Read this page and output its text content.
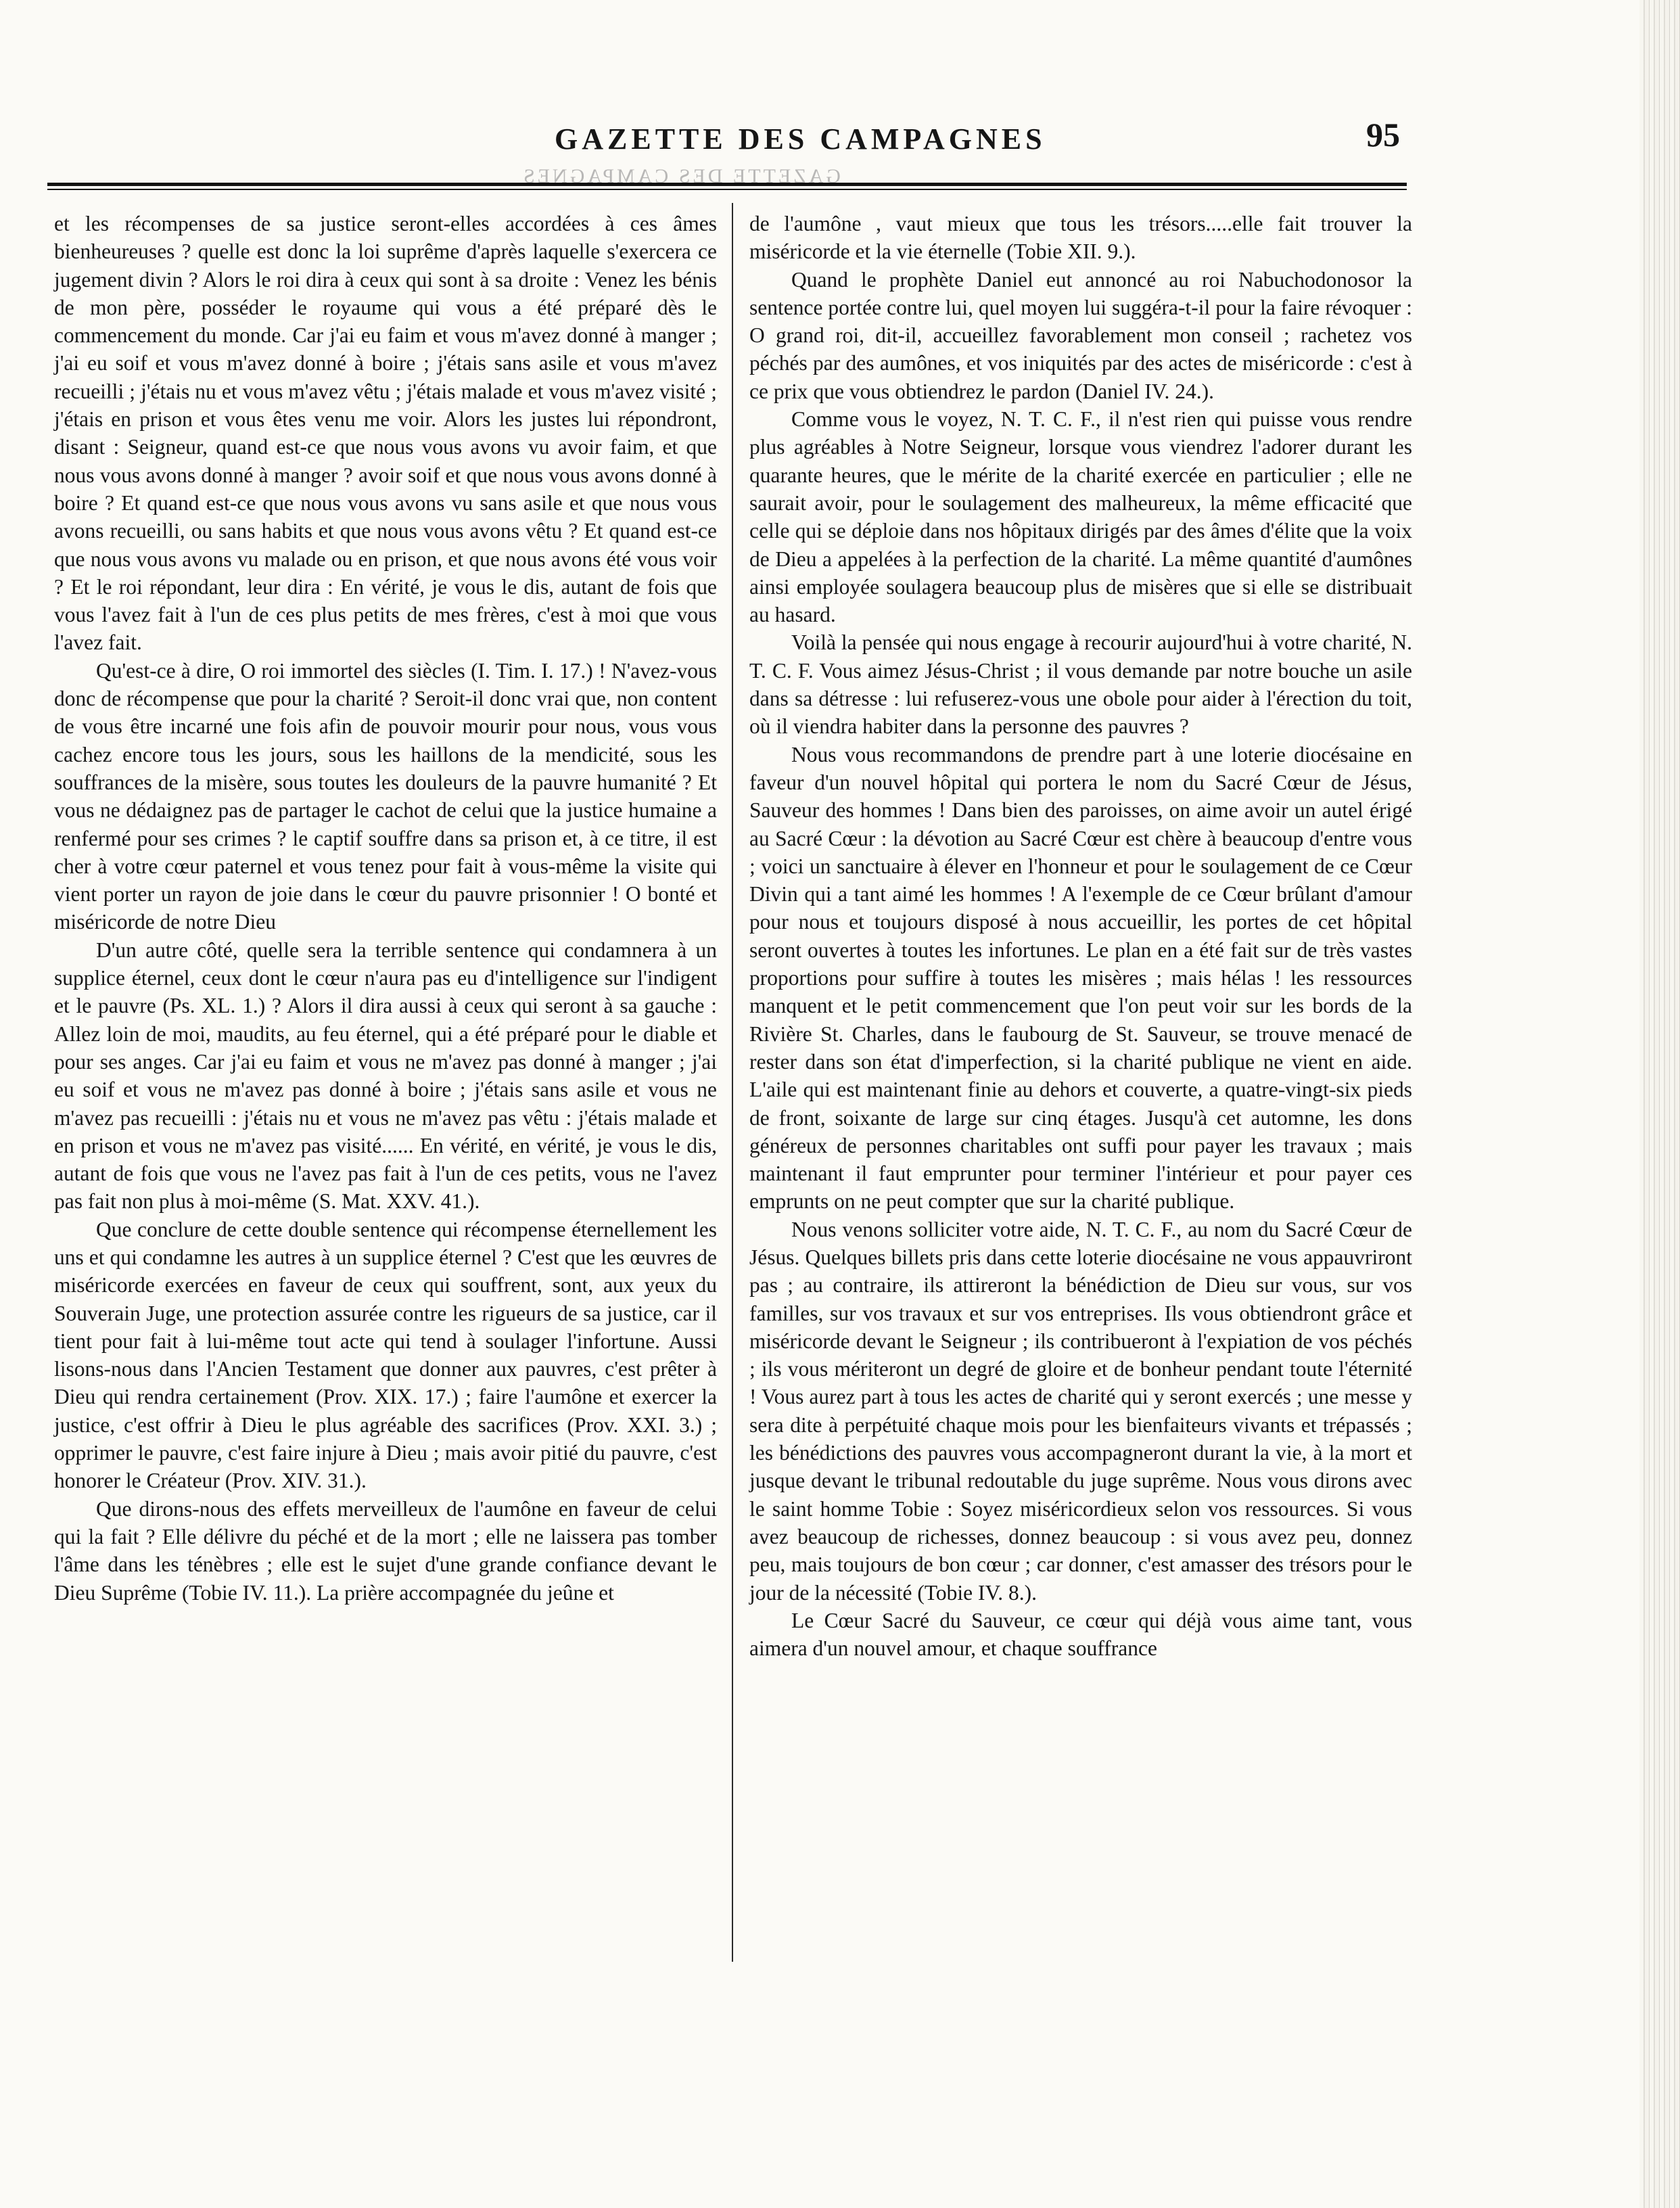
GAZETTE DES CAMPAGNES	95
GAZETTE DES CAMPAGNES

et les récompenses de sa justice seront-elles accordées à ces âmes bienheureuses ? quelle est donc la loi suprême d'après laquelle s'exercera ce jugement divin ? Alors le roi dira à ceux qui sont à sa droite : Venez les bénis de mon père, posséder le royaume qui vous a été préparé dès le commencement du monde. Car j'ai eu faim et vous m'avez donné à manger ; j'ai eu soif et vous m'avez donné à boire ; j'étais sans asile et vous m'avez recueilli ; j'étais nu et vous m'avez vêtu ; j'étais malade et vous m'avez visité ; j'étais en prison et vous êtes venu me voir. Alors les justes lui répondront, disant : Seigneur, quand est-ce que nous vous avons vu avoir faim, et que nous vous avons donné à manger ? avoir soif et que nous vous avons donné à boire ? Et quand est-ce que nous vous avons vu sans asile et que nous vous avons recueilli, ou sans habits et que nous vous avons vêtu ? Et quand est-ce que nous vous avons vu malade ou en prison, et que nous avons été vous voir ? Et le roi répondant, leur dira : En vérité, je vous le dis, autant de fois que vous l'avez fait à l'un de ces plus petits de mes frères, c'est à moi que vous l'avez fait.

Qu'est-ce à dire, O roi immortel des siècles (I. Tim. I. 17.) ! N'avez-vous donc de récompense que pour la charité ? Seroit-il donc vrai que, non content de vous être incarné une fois afin de pouvoir mourir pour nous, vous vous cachez encore tous les jours, sous les haillons de la mendicité, sous les souffrances de la misère, sous toutes les douleurs de la pauvre humanité ? Et vous ne dédaignez pas de partager le cachot de celui que la justice humaine a renfermé pour ses crimes ? le captif souffre dans sa prison et, à ce titre, il est cher à votre cœur paternel et vous tenez pour fait à vous-même la visite qui vient porter un rayon de joie dans le cœur du pauvre prisonnier ! O bonté et miséricorde de notre Dieu

D'un autre côté, quelle sera la terrible sentence qui condamnera à un supplice éternel, ceux dont le cœur n'aura pas eu d'intelligence sur l'indigent et le pauvre (Ps. XL. 1.) ? Alors il dira aussi à ceux qui seront à sa gauche : Allez loin de moi, maudits, au feu éternel, qui a été préparé pour le diable et pour ses anges. Car j'ai eu faim et vous ne m'avez pas donné à manger ; j'ai eu soif et vous ne m'avez pas donné à boire ; j'étais sans asile et vous ne m'avez pas recueilli : j'étais nu et vous ne m'avez pas vêtu : j'étais malade et en prison et vous ne m'avez pas visité...... En vérité, en vérité, je vous le dis, autant de fois que vous ne l'avez pas fait à l'un de ces petits, vous ne l'avez pas fait non plus à moi-même (S. Mat. XXV. 41.).

Que conclure de cette double sentence qui récompense éternellement les uns et qui condamne les autres à un supplice éternel ? C'est que les œuvres de miséricorde exercées en faveur de ceux qui souffrent, sont, aux yeux du Souverain Juge, une protection assurée contre les rigueurs de sa justice, car il tient pour fait à lui-même tout acte qui tend à soulager l'infortune. Aussi lisons-nous dans l'Ancien Testament que donner aux pauvres, c'est prêter à Dieu qui rendra certainement (Prov. XIX. 17.) ; faire l'aumône et exercer la justice, c'est offrir à Dieu le plus agréable des sacrifices (Prov. XXI. 3.) ; opprimer le pauvre, c'est faire injure à Dieu ; mais avoir pitié du pauvre, c'est honorer le Créateur (Prov. XIV. 31.).

Que dirons-nous des effets merveilleux de l'aumône en faveur de celui qui la fait ? Elle délivre du péché et de la mort ; elle ne laissera pas tomber l'âme dans les ténèbres ; elle est le sujet d'une grande confiance devant le Dieu Suprême (Tobie IV. 11.). La prière accompagnée du jeûne et

de l'aumône , vaut mieux que tous les trésors.....elle fait trouver la miséricorde et la vie éternelle (Tobie XII. 9.).

Quand le prophète Daniel eut annoncé au roi Nabuchodonosor la sentence portée contre lui, quel moyen lui suggéra-t-il pour la faire révoquer : O grand roi, dit-il, accueillez favorablement mon conseil ; rachetez vos péchés par des aumônes, et vos iniquités par des actes de miséricorde : c'est à ce prix que vous obtiendrez le pardon (Daniel IV. 24.).

Comme vous le voyez, N. T. C. F., il n'est rien qui puisse vous rendre plus agréables à Notre Seigneur, lorsque vous viendrez l'adorer durant les quarante heures, que le mérite de la charité exercée en particulier ; elle ne saurait avoir, pour le soulagement des malheureux, la même efficacité que celle qui se déploie dans nos hôpitaux dirigés par des âmes d'élite que la voix de Dieu a appelées à la perfection de la charité. La même quantité d'aumônes ainsi employée soulagera beaucoup plus de misères que si elle se distribuait au hasard.

Voilà la pensée qui nous engage à recourir aujourd'hui à votre charité, N. T. C. F. Vous aimez Jésus-Christ ; il vous demande par notre bouche un asile dans sa détresse : lui refuserez-vous une obole pour aider à l'érection du toit, où il viendra habiter dans la personne des pauvres ?

Nous vous recommandons de prendre part à une loterie diocésaine en faveur d'un nouvel hôpital qui portera le nom du Sacré Cœur de Jésus, Sauveur des hommes ! Dans bien des paroisses, on aime avoir un autel érigé au Sacré Cœur : la dévotion au Sacré Cœur est chère à beaucoup d'entre vous ; voici un sanctuaire à élever en l'honneur et pour le soulagement de ce Cœur Divin qui a tant aimé les hommes ! A l'exemple de ce Cœur brûlant d'amour pour nous et toujours disposé à nous accueillir, les portes de cet hôpital seront ouvertes à toutes les infortunes. Le plan en a été fait sur de très vastes proportions pour suffire à toutes les misères ; mais hélas ! les ressources manquent et le petit commencement que l'on peut voir sur les bords de la Rivière St. Charles, dans le faubourg de St. Sauveur, se trouve menacé de rester dans son état d'imperfection, si la charité publique ne vient en aide. L'aile qui est maintenant finie au dehors et couverte, a quatre-vingt-six pieds de front, soixante de large sur cinq étages. Jusqu'à cet automne, les dons généreux de personnes charitables ont suffi pour payer les travaux ; mais maintenant il faut emprunter pour terminer l'intérieur et pour payer ces emprunts on ne peut compter que sur la charité publique.

Nous venons solliciter votre aide, N. T. C. F., au nom du Sacré Cœur de Jésus. Quelques billets pris dans cette loterie diocésaine ne vous appauvriront pas ; au contraire, ils attireront la bénédiction de Dieu sur vous, sur vos familles, sur vos travaux et sur vos entreprises. Ils vous obtiendront grâce et miséricorde devant le Seigneur ; ils contribueront à l'expiation de vos péchés ; ils vous mériteront un degré de gloire et de bonheur pendant toute l'éternité ! Vous aurez part à tous les actes de charité qui y seront exercés ; une messe y sera dite à perpétuité chaque mois pour les bienfaiteurs vivants et trépassés ; les bénédictions des pauvres vous accompagneront durant la vie, à la mort et jusque devant le tribunal redoutable du juge suprême. Nous vous dirons avec le saint homme Tobie : Soyez miséricordieux selon vos ressources. Si vous avez beaucoup de richesses, donnez beaucoup : si vous avez peu, donnez peu, mais toujours de bon cœur ; car donner, c'est amasser des trésors pour le jour de la nécessité (Tobie IV. 8.).

Le Cœur Sacré du Sauveur, ce cœur qui déjà vous aime tant, vous aimera d'un nouvel amour, et chaque souffrance
